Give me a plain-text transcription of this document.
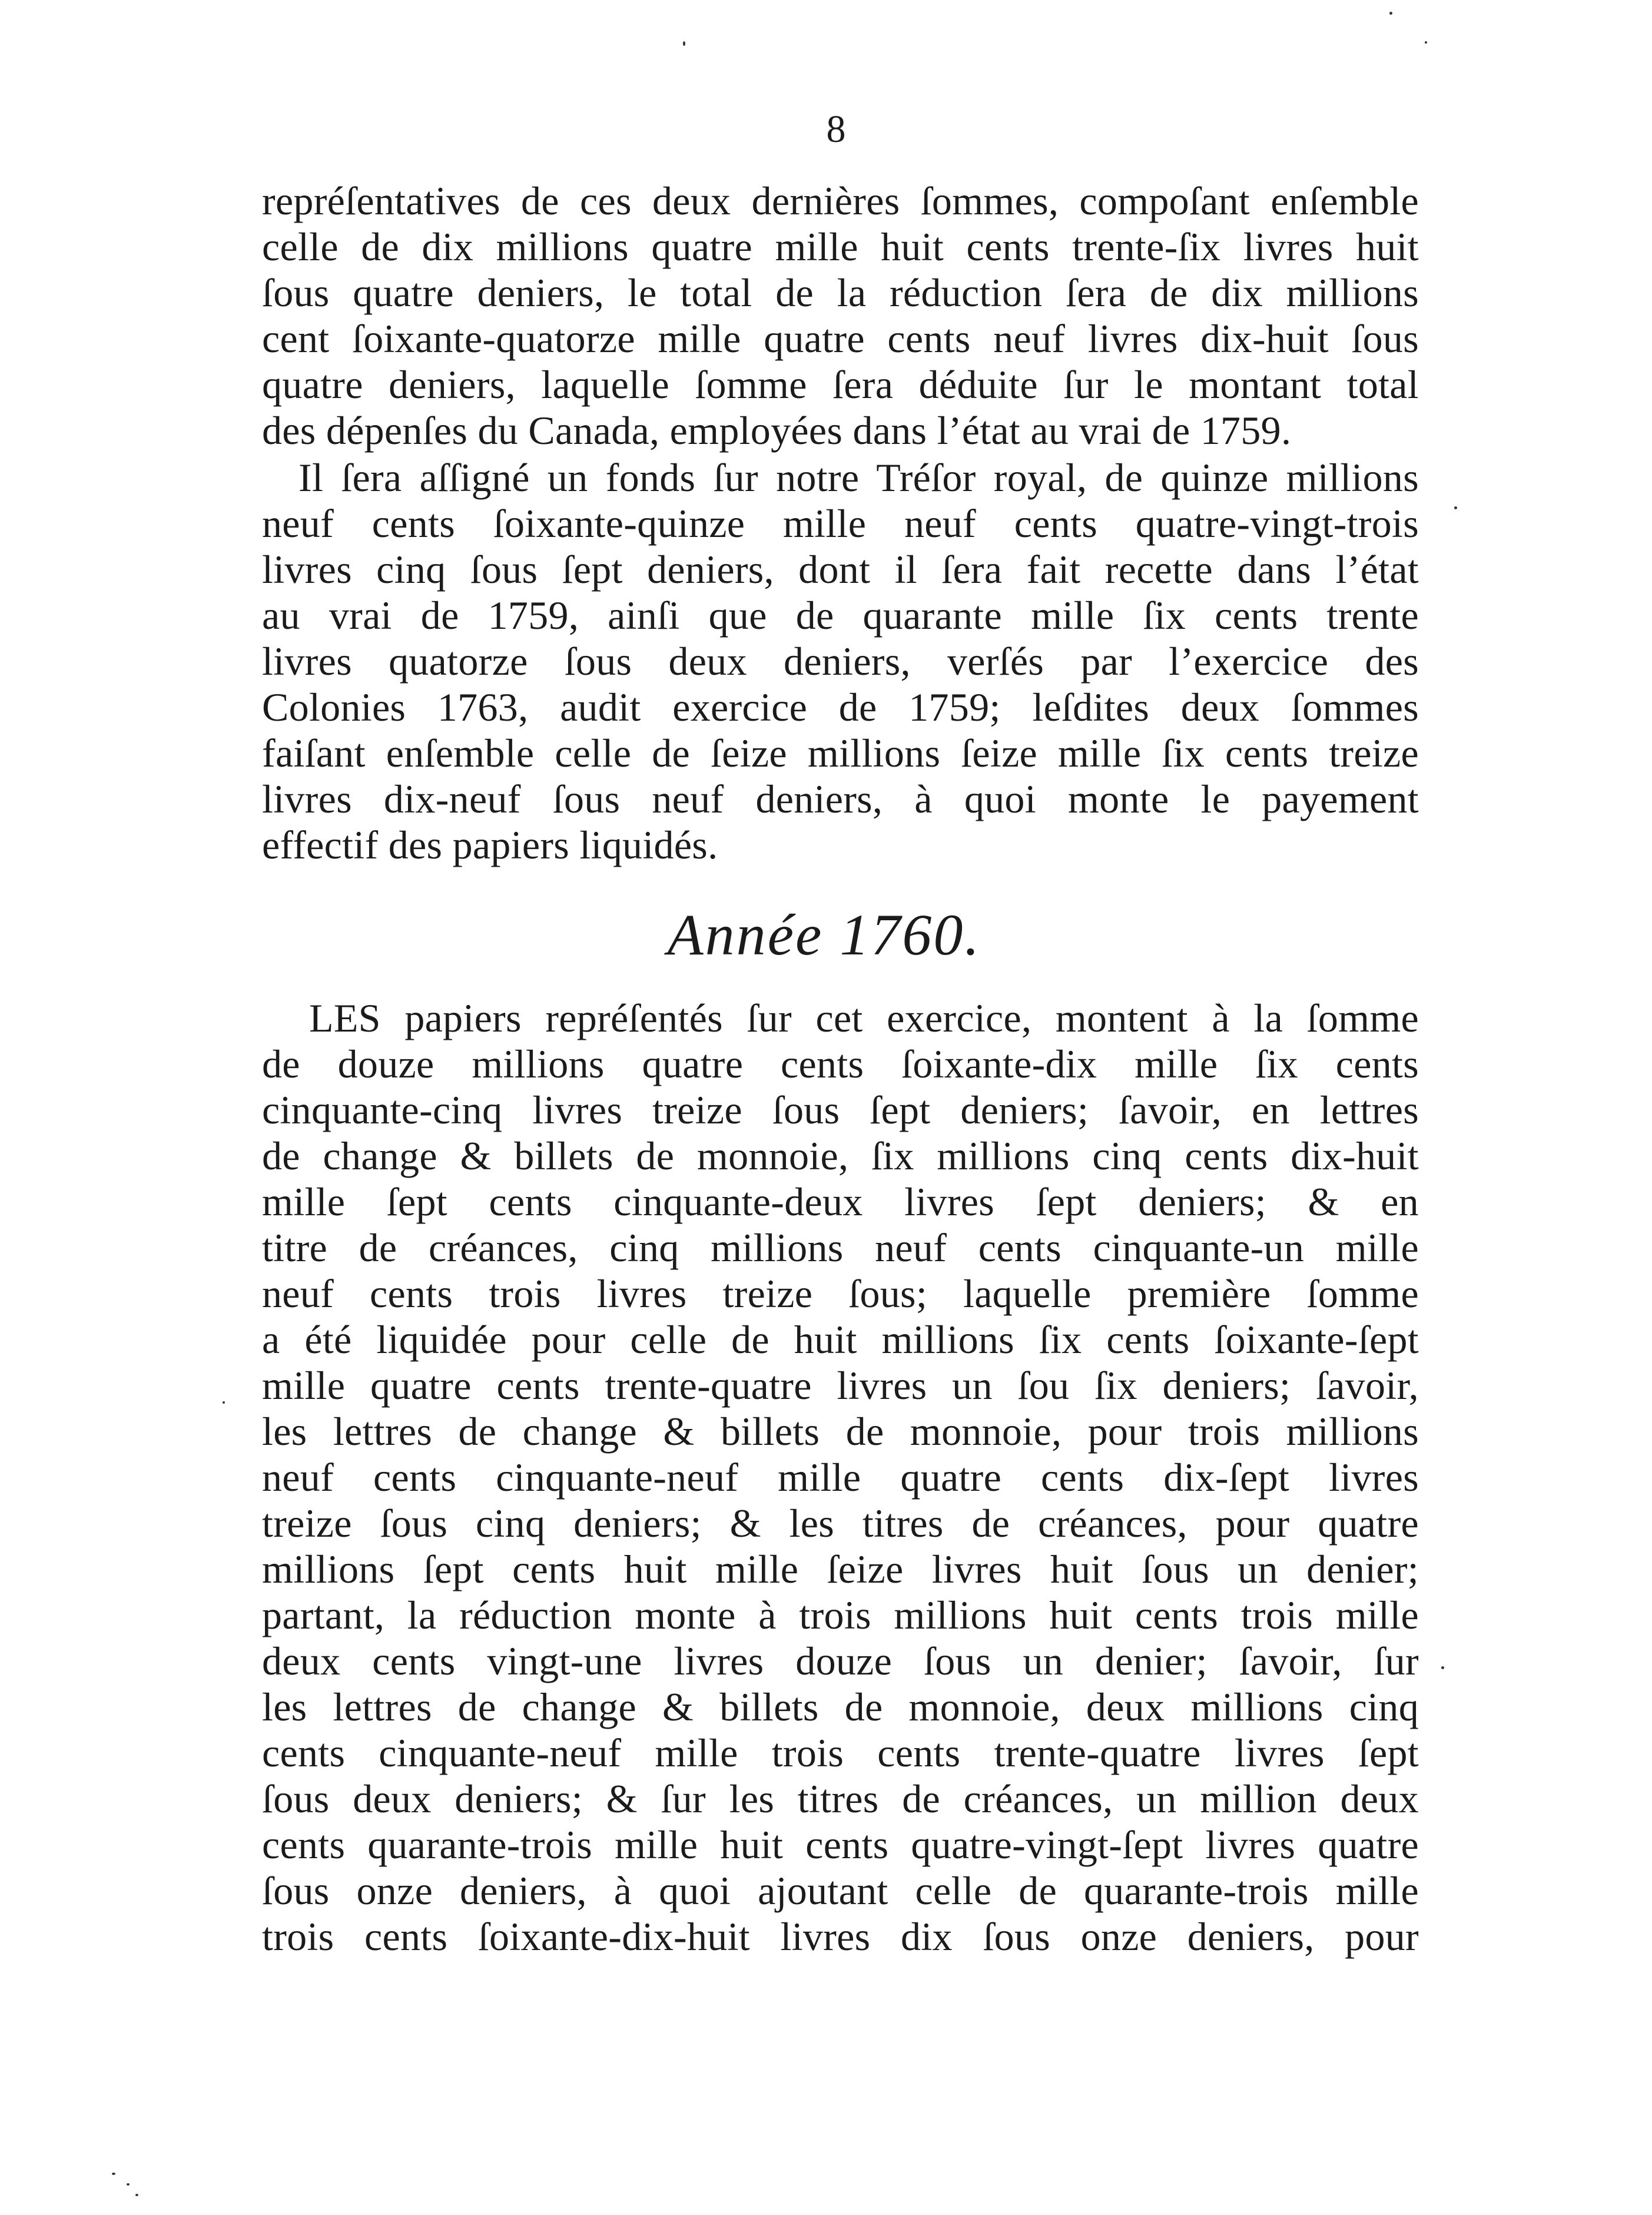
8
repréſentatives de ces deux dernières ſommes, compoſant enſemble
celle de dix millions quatre mille huit cents trente-ſix livres huit
ſous quatre deniers, le total de la réduction ſera de dix millions
cent ſoixante-quatorze mille quatre cents neuf livres dix-huit ſous
quatre deniers, laquelle ſomme ſera déduite ſur le montant total
des dépenſes du Canada, employées dans l’état au vrai de 1759.
Il ſera aſſigné un fonds ſur notre Tréſor royal, de quinze millions
neuf cents ſoixante-quinze mille neuf cents quatre-vingt-trois
livres cinq ſous ſept deniers, dont il ſera fait recette dans l’état
au vrai de 1759, ainſi que de quarante mille ſix cents trente
livres quatorze ſous deux deniers, verſés par l’exercice des
Colonies 1763, audit exercice de 1759; leſdites deux ſommes
faiſant enſemble celle de ſeize millions ſeize mille ſix cents treize
livres dix-neuf ſous neuf deniers, à quoi monte le payement
effectif des papiers liquidés.
Année 1760.
LES papiers repréſentés ſur cet exercice, montent à la ſomme
de douze millions quatre cents ſoixante-dix mille ſix cents
cinquante-cinq livres treize ſous ſept deniers; ſavoir, en lettres
de change & billets de monnoie, ſix millions cinq cents dix-huit
mille ſept cents cinquante-deux livres ſept deniers; & en
titre de créances, cinq millions neuf cents cinquante-un mille
neuf cents trois livres treize ſous; laquelle première ſomme
a été liquidée pour celle de huit millions ſix cents ſoixante-ſept
mille quatre cents trente-quatre livres un ſou ſix deniers; ſavoir,
les lettres de change & billets de monnoie, pour trois millions
neuf cents cinquante-neuf mille quatre cents dix-ſept livres
treize ſous cinq deniers; & les titres de créances, pour quatre
millions ſept cents huit mille ſeize livres huit ſous un denier;
partant, la réduction monte à trois millions huit cents trois mille
deux cents vingt-une livres douze ſous un denier; ſavoir, ſur
les lettres de change & billets de monnoie, deux millions cinq
cents cinquante-neuf mille trois cents trente-quatre livres ſept
ſous deux deniers; & ſur les titres de créances, un million deux
cents quarante-trois mille huit cents quatre-vingt-ſept livres quatre
ſous onze deniers, à quoi ajoutant celle de quarante-trois mille
trois cents ſoixante-dix-huit livres dix ſous onze deniers, pour
